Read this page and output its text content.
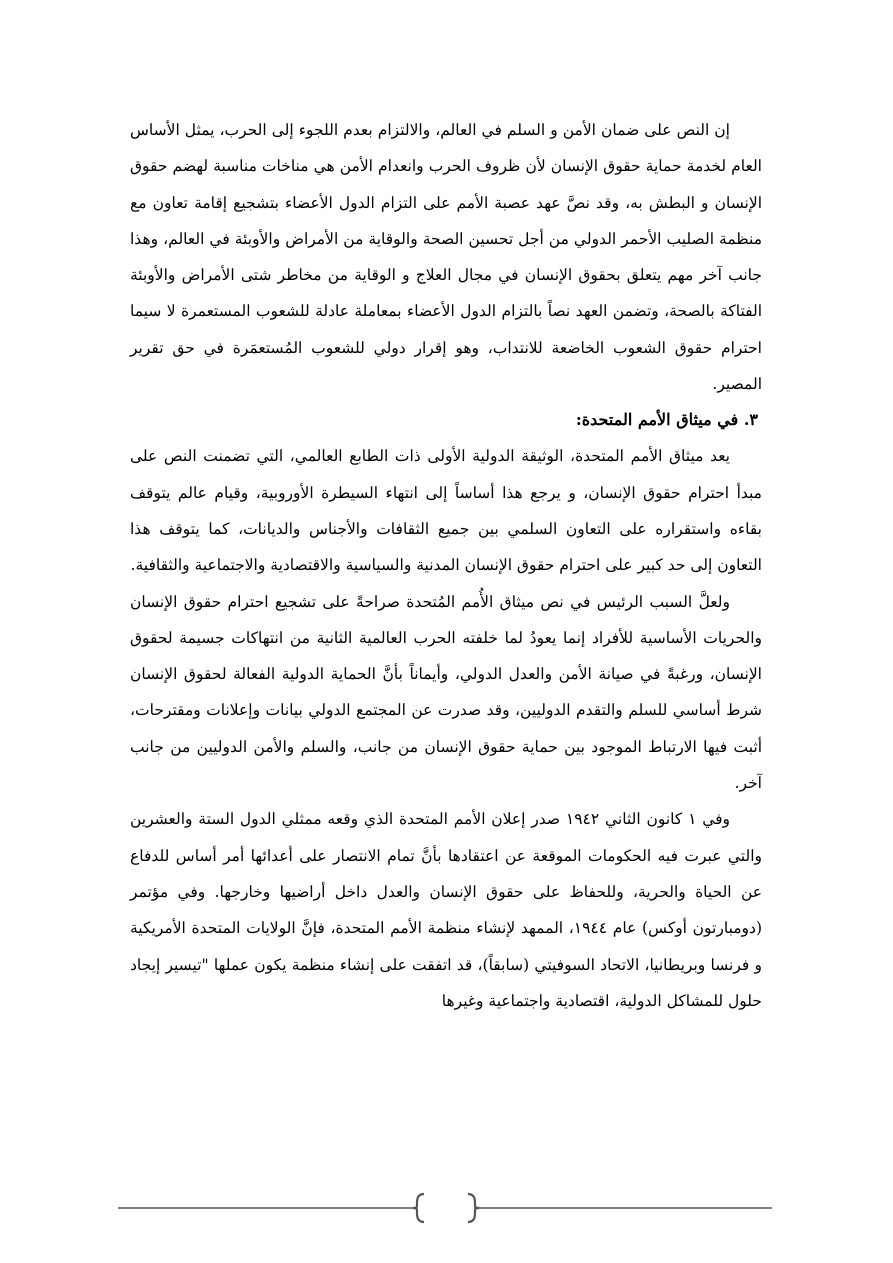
إن النص على ضمان الأمن و السلم في العالم، والالتزام بعدم اللجوء إلى الحرب، يمثل الأساس العام لخدمة حماية حقوق الإنسان لأن ظروف الحرب وانعدام الأمن هي مناخات مناسبة لهضم حقوق الإنسان و البطش به، وقد نصَّ عهد عصبة الأمم على التزام الدول الأعضاء بتشجيع إقامة تعاون مع منظمة الصليب الأحمر الدولي من أجل تحسين الصحة والوقاية من الأمراض والأوبئة في العالم، وهذا جانب آخر مهم يتعلق بحقوق الإنسان في مجال العلاج و الوقاية من مخاطر شتى الأمراض والأوبئة الفتاكة بالصحة، وتضمن العهد نصاً بالتزام الدول الأعضاء بمعاملة عادلة للشعوب المستعمرة لا سيما احترام حقوق الشعوب الخاضعة للانتداب، وهو إقرار دولي للشعوب المُستعمَرة في حق تقرير المصير.

٣. في ميثاق الأمم المتحدة:

يعد ميثاق الأمم المتحدة، الوثيقة الدولية الأولى ذات الطابع العالمي، التي تضمنت النص على مبدأ احترام حقوق الإنسان، و يرجع هذا أساساً إلى انتهاء السيطرة الأوروبية، وقيام عالم يتوقف بقاءه واستقراره على التعاون السلمي بين جميع الثقافات والأجناس والديانات، كما يتوقف هذا التعاون إلى حد كبير على احترام حقوق الإنسان المدنية والسياسية والاقتصادية والاجتماعية والثقافية.

ولعلَّ السبب الرئيس في نص ميثاق الأُمم المُتحدة صراحةً على تشجيع احترام حقوق الإنسان والحريات الأساسية للأفراد إنما يعودُ لما خلفته الحرب العالمية الثانية من انتهاكات جسيمة لحقوق الإنسان، ورغبةً في صيانة الأمن والعدل الدولي، وأيماناً بأنَّ الحماية الدولية الفعالة لحقوق الإنسان شرط أساسي للسلم والتقدم الدوليين، وقد صدرت عن المجتمع الدولي بيانات وإعلانات ومقترحات، أثبت فيها الارتباط الموجود بين حماية حقوق الإنسان من جانب، والسلم والأمن الدوليين من جانب آخر.

وفي ١ كانون الثاني ١٩٤٢ صدر إعلان الأمم المتحدة الذي وقعه ممثلي الدول الستة والعشرين والتي عبرت فيه الحكومات الموقعة عن اعتقادها بأنَّ تمام الانتصار على أعدائها أمر أساس للدفاع عن الحياة والحرية، وللحفاظ على حقوق الإنسان والعدل داخل أراضيها وخارجها. وفي مؤتمر (دومبارتون أوكس) عام ١٩٤٤، الممهد لإنشاء منظمة الأمم المتحدة، فإنَّ الولايات المتحدة الأمريكية و فرنسا وبريطانيا، الاتحاد السوفيتي (سابقاً)، قد اتفقت على إنشاء منظمة يكون عملها "تيسير إيجاد حلول للمشاكل الدولية، اقتصادية واجتماعية وغيرها
